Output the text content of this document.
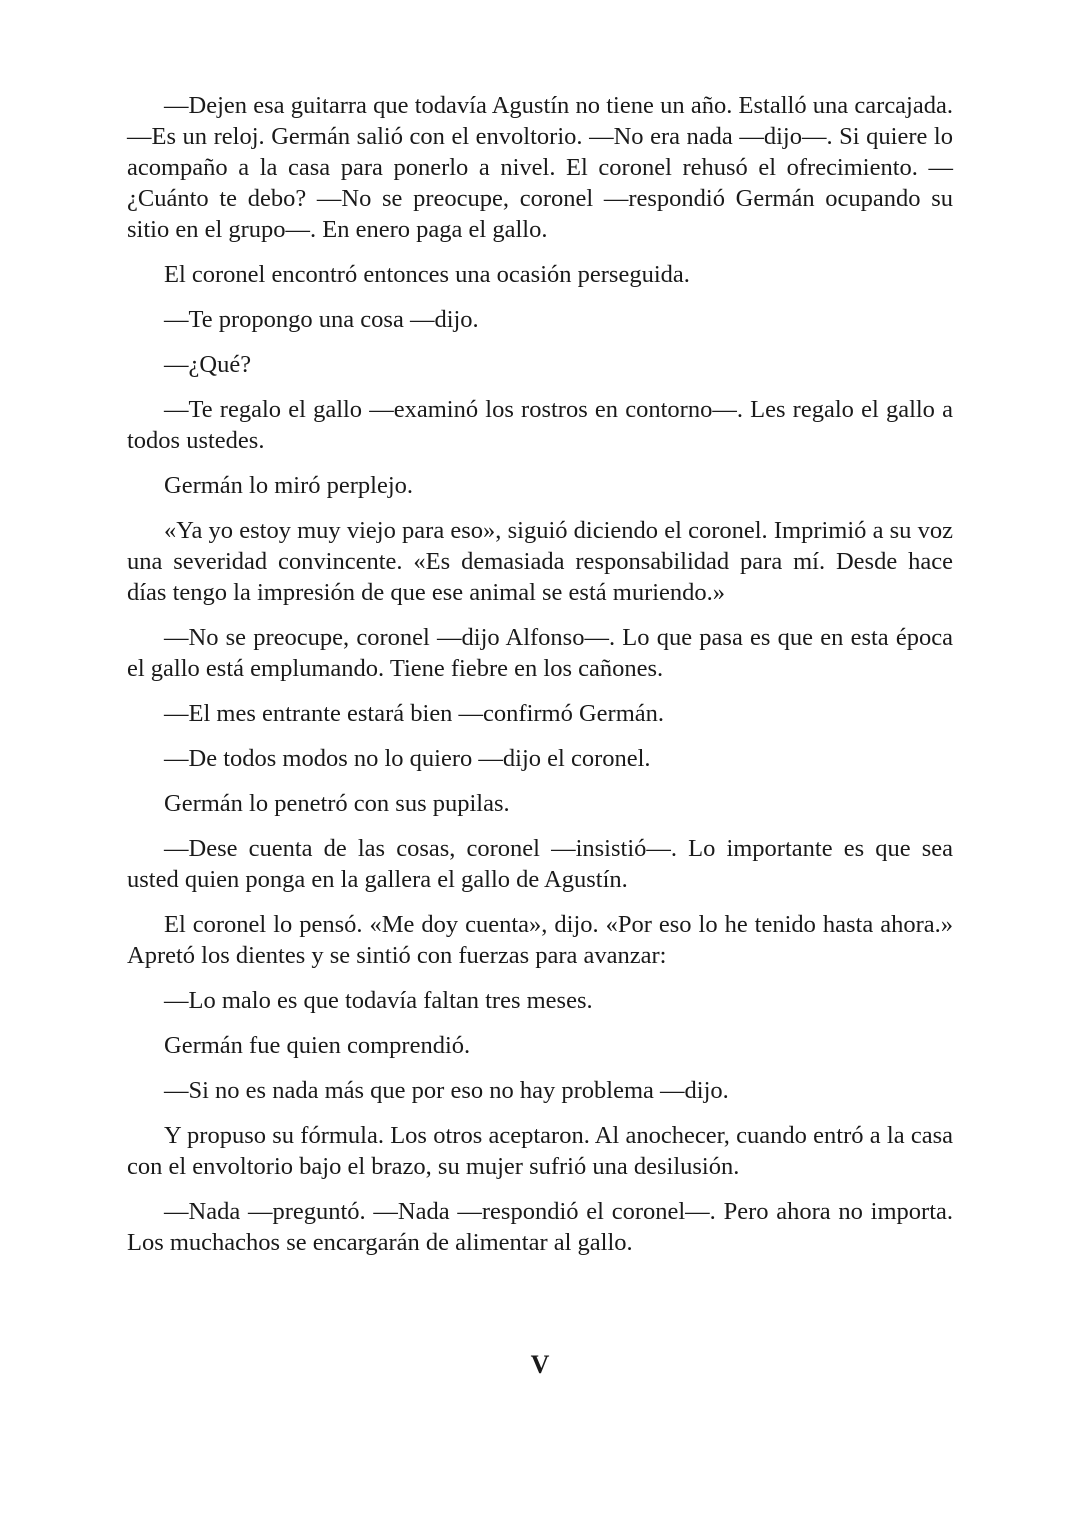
—Dejen esa guitarra que todavía Agustín no tiene un año. Estalló una carcajada. —Es un reloj. Germán salió con el envoltorio. —No era nada —dijo—. Si quiere lo acompaño a la casa para ponerlo a nivel. El coronel rehusó el ofrecimiento. —¿Cuánto te debo? —No se preocupe, coronel —respondió Germán ocupando su sitio en el grupo—. En enero paga el gallo.

El coronel encontró entonces una ocasión perseguida.

—Te propongo una cosa —dijo.

—¿Qué?

—Te regalo el gallo —examinó los rostros en contorno—. Les regalo el gallo a todos ustedes.

Germán lo miró perplejo.

«Ya yo estoy muy viejo para eso», siguió diciendo el coronel. Imprimió a su voz una severidad convincente. «Es demasiada responsabilidad para mí. Desde hace días tengo la impresión de que ese animal se está muriendo.»

—No se preocupe, coronel —dijo Alfonso—. Lo que pasa es que en esta época el gallo está emplumando. Tiene fiebre en los cañones.

—El mes entrante estará bien —confirmó Germán.

—De todos modos no lo quiero —dijo el coronel.

Germán lo penetró con sus pupilas.

—Dese cuenta de las cosas, coronel —insistió—. Lo importante es que sea usted quien ponga en la gallera el gallo de Agustín.

El coronel lo pensó. «Me doy cuenta», dijo. «Por eso lo he tenido hasta ahora.» Apretó los dientes y se sintió con fuerzas para avanzar:

—Lo malo es que todavía faltan tres meses.

Germán fue quien comprendió.

—Si no es nada más que por eso no hay problema —dijo.

Y propuso su fórmula. Los otros aceptaron. Al anochecer, cuando entró a la casa con el envoltorio bajo el brazo, su mujer sufrió una desilusión.

—Nada —preguntó. —Nada —respondió el coronel—. Pero ahora no importa. Los muchachos se encargarán de alimentar al gallo.

V
